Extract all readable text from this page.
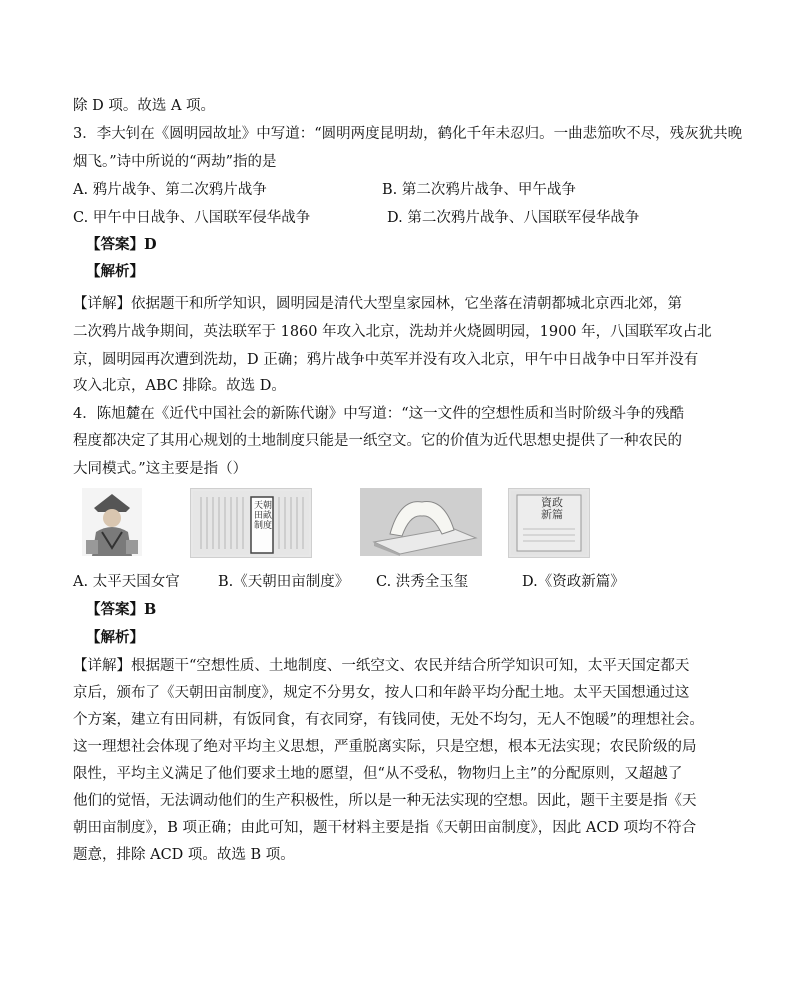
除 D 项。故选 A 项。
3．李大钊在《圆明园故址》中写道：“圆明两度昆明劫，鹤化千年未忍归。一曲悲笳吹不尽，残灰犹共晚
烟飞。”诗中所说的“两劫”指的是
A. 鸦片战争、第二次鸦片战争	B. 第二次鸦片战争、甲午战争
C. 甲午中日战争、八国联军侵华战争	D. 第二次鸦片战争、八国联军侵华战争
【答案】D
【解析】
【详解】依据题干和所学知识，圆明园是清代大型皇家园林，它坐落在清朝都城北京西北郊，第
二次鸦片战争期间，英法联军于 1860 年攻入北京，洗劫并火烧圆明园，1900 年，八国联军攻占北
京，圆明园再次遭到洗劫，D 正确；鸦片战争中英军并没有攻入北京，甲午中日战争中日军并没有
攻入北京，ABC 排除。故选 D。
4．陈旭麓在《近代中国社会的新陈代谢》中写道：“这一文件的空想性质和当时阶级斗争的残酷
程度都决定了其用心规划的土地制度只能是一纸空文。它的价值为近代思想史提供了一种农民的
大同模式。”这主要是指（）
天朝田畝制度
資政新篇
A. 太平天国女官	B.《天朝田亩制度》 C. 洪秀全玉玺	D.《资政新篇》
【答案】B
【解析】
【详解】根据题干“空想性质、土地制度、一纸空文、农民并结合所学知识可知，太平天国定都天
京后，颁布了《天朝田亩制度》，规定不分男女，按人口和年龄平均分配土地。太平天国想通过这
个方案，建立有田同耕，有饭同食，有衣同穿，有钱同使，无处不均匀，无人不饱暖”的理想社会。
这一理想社会体现了绝对平均主义思想，严重脱离实际，只是空想，根本无法实现；农民阶级的局
限性，平均主义满足了他们要求土地的愿望，但“从不受私，物物归上主”的分配原则，又超越了
他们的觉悟，无法调动他们的生产积极性，所以是一种无法实现的空想。因此，题干主要是指《天
朝田亩制度》，B 项正确；由此可知，题干材料主要是指《天朝田亩制度》，因此 ACD 项均不符合
题意，排除 ACD 项。故选 B 项。
